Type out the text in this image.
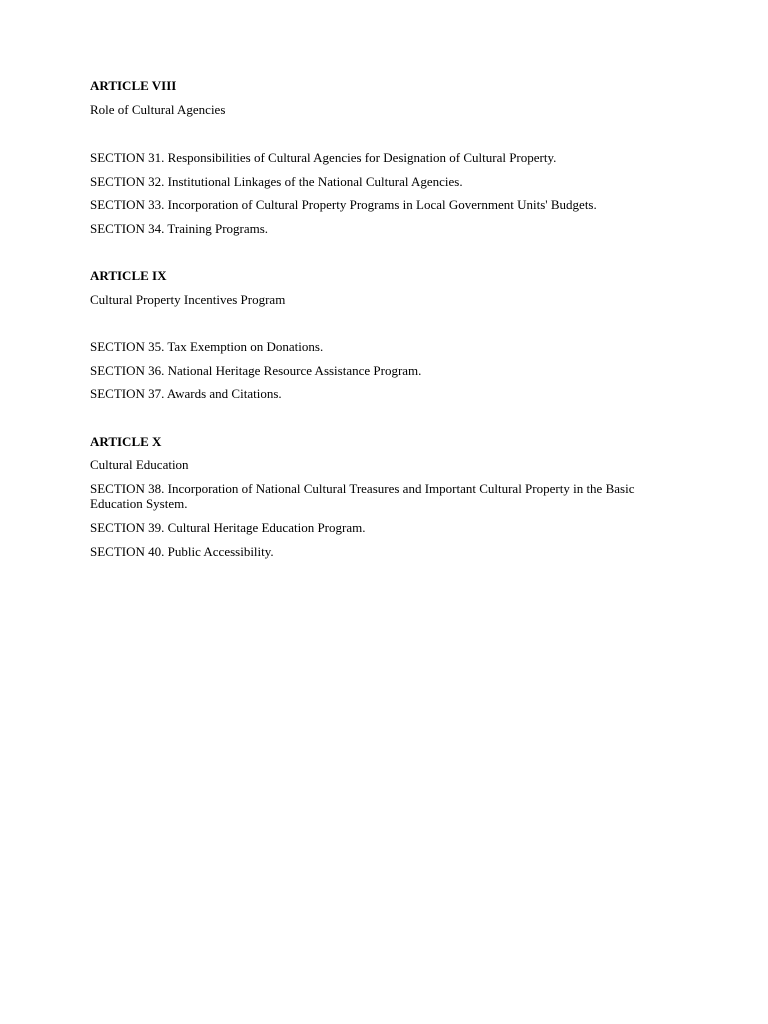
ARTICLE VIII
Role of Cultural Agencies
SECTION 31. Responsibilities of Cultural Agencies for Designation of Cultural Property.
SECTION 32. Institutional Linkages of the National Cultural Agencies.
SECTION 33. Incorporation of Cultural Property Programs in Local Government Units' Budgets.
SECTION 34. Training Programs.
ARTICLE IX
Cultural Property Incentives Program
SECTION 35. Tax Exemption on Donations.
SECTION 36. National Heritage Resource Assistance Program.
SECTION 37. Awards and Citations.
ARTICLE X
Cultural Education
SECTION 38. Incorporation of National Cultural Treasures and Important Cultural Property in the Basic Education System.
SECTION 39. Cultural Heritage Education Program.
SECTION 40. Public Accessibility.
